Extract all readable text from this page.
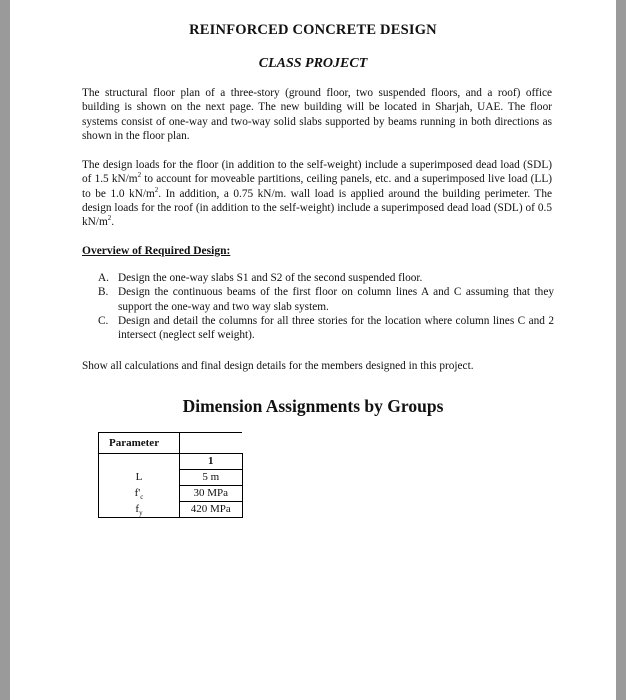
REINFORCED CONCRETE DESIGN
CLASS PROJECT

The structural floor plan of a three-story (ground floor, two suspended floors, and a roof) office building is shown on the next page. The new building will be located in Sharjah, UAE. The floor systems consist of one-way and two-way solid slabs supported by beams running in both directions as shown in the floor plan.

The design loads for the floor (in addition to the self-weight) include a superimposed dead load (SDL) of 1.5 $kN/m^2$ to account for moveable partitions, ceiling panels, etc. and a superimposed live load (LL) to be 1.0 $kN/m^2$. In addition, a 0.75 kN/m. wall load is applied around the building perimeter. The design loads for the roof (in addition to the self-weight) include a superimposed dead load (SDL) of 0.5 $kN/m^2$.

Overview of Required Design:
A. Design the one-way slabs S1 and S2 of the second suspended floor.
B. Design the continuous beams of the first floor on column lines A and C assuming that they support the one-way and two way slab system.
C. Design and detail the columns for all three stories for the location where column lines C and 2 intersect (neglect self weight).
Show all calculations and final design details for the members designed in this project.
Dimension Assignments by Groups
Parameter	
	1
L	5 m
$f'_c$	30 MPa
$f_y$	420 MPa
